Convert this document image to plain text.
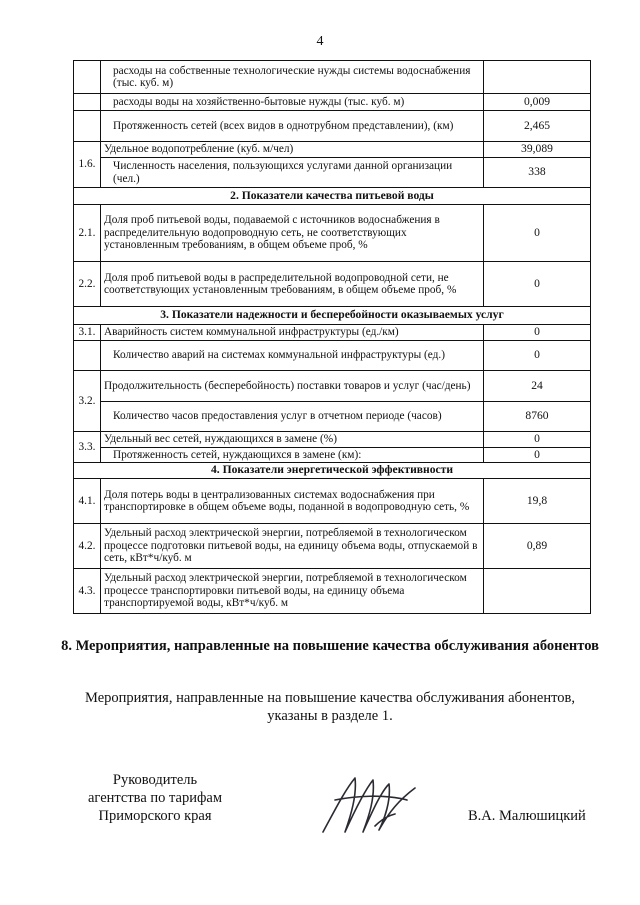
4
	расходы на собственные технологические нужды системы водоснабжения (тыс. куб. м)	
	расходы воды на хозяйственно-бытовые нужды (тыс. куб. м)	0,009
	Протяженность сетей (всех видов в однотрубном представлении), (км)	2,465
1.6.	Удельное водопотребление (куб. м/чел)	39,089
	Численность населения, пользующихся услугами данной организации (чел.)	338
2. Показатели качества питьевой воды		
2.1.	Доля проб питьевой воды, подаваемой с источников водоснабжения в распределительную водопроводную сеть, не соответствующих установленным требованиям, в общем объеме проб, %	0
2.2.	Доля проб питьевой воды в распределительной водопроводной сети, не соответствующих установленным требованиям, в общем объеме проб, %	0
3. Показатели надежности и бесперебойности оказываемых услуг		
3.1.	Аварийность систем коммунальной инфраструктуры (ед./км)	0
	Количество аварий на системах коммунальной инфраструктуры (ед.)	0
3.2.	Продолжительность (бесперебойность) поставки товаров и услуг (час/день)	24
	Количество часов предоставления услуг в отчетном периоде (часов)	8760
3.3.	Удельный вес сетей, нуждающихся в замене (%)	0
	Протяженность сетей, нуждающихся в замене (км):	0
4. Показатели энергетической эффективности		
4.1.	Доля потерь воды в централизованных системах водоснабжения при транспортировке в общем объеме воды, поданной в водопроводную сеть, %	19,8
4.2.	Удельный расход электрической энергии, потребляемой в технологическом процессе подготовки питьевой воды, на единицу объема воды, отпускаемой в сеть, кВт*ч/куб. м	0,89
4.3.	Удельный расход электрической энергии, потребляемой в технологическом процессе транспортировки питьевой воды, на единицу объема транспортируемой воды, кВт*ч/куб. м	
8. Мероприятия, направленные на повышение качества обслуживания абонентов
Мероприятия, направленные на повышение качества обслуживания абонентов, указаны в разделе 1.
Руководитель
агентства по тарифам
Приморского края	В.А. Малюшицкий
